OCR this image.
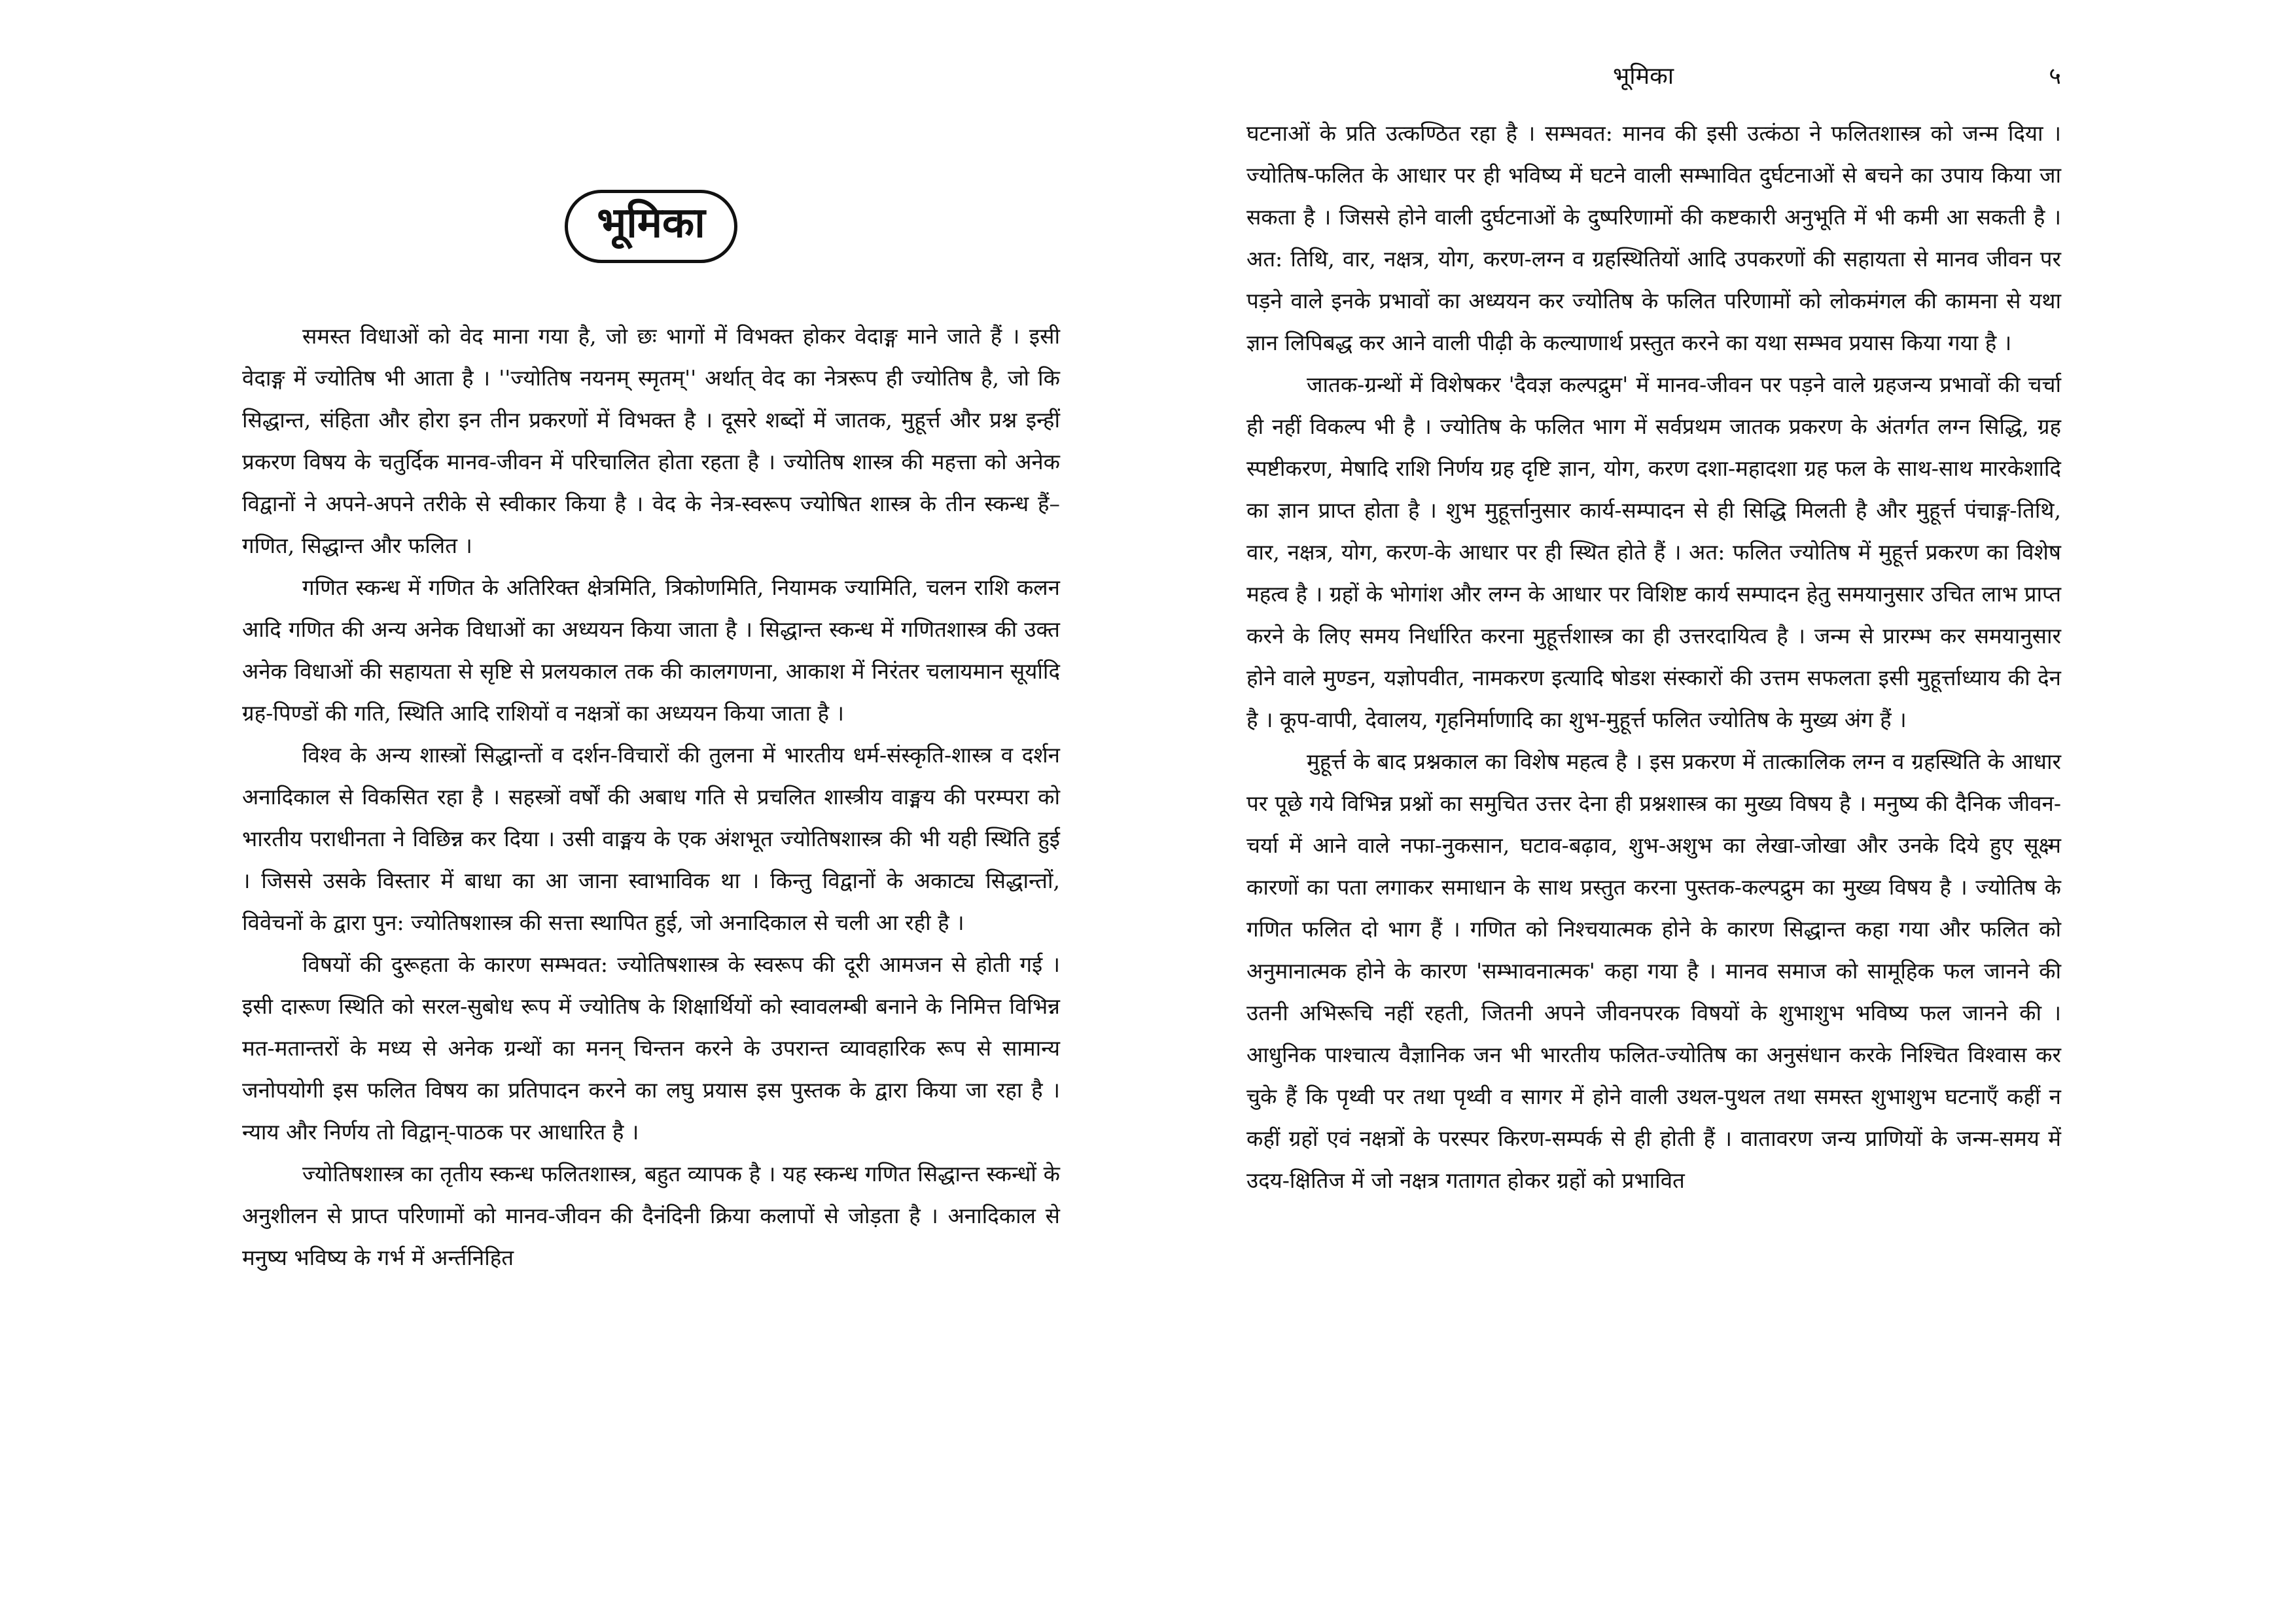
भूमिका	५
भूमिका

समस्त विधाओं को वेद माना गया है, जो छः भागों में विभक्त होकर वेदाङ्ग माने जाते हैं । इसी वेदाङ्ग में ज्योतिष भी आता है । ''ज्योतिष नयनम् स्मृतम्'' अर्थात् वेद का नेत्ररूप ही ज्योतिष है, जो कि सिद्धान्त, संहिता और होरा इन तीन प्रकरणों में विभक्त है । दूसरे शब्दों में जातक, मुहूर्त्त और प्रश्न इन्हीं प्रकरण विषय के चतुर्दिक मानव-जीवन में परिचालित होता रहता है । ज्योतिष शास्त्र की महत्ता को अनेक विद्वानों ने अपने-अपने तरीके से स्वीकार किया है । वेद के नेत्र-स्वरूप ज्योषित शास्त्र के तीन स्कन्ध हैं– गणित, सिद्धान्त और फलित ।

गणित स्कन्ध में गणित के अतिरिक्त क्षेत्रमिति, त्रिकोणमिति, नियामक ज्यामिति, चलन राशि कलन आदि गणित की अन्य अनेक विधाओं का अध्ययन किया जाता है । सिद्धान्त स्कन्ध में गणितशास्त्र की उक्त अनेक विधाओं की सहायता से सृष्टि से प्रलयकाल तक की कालगणना, आकाश में निरंतर चलायमान सूर्यादि ग्रह-पिण्डों की गति, स्थिति आदि राशियों व नक्षत्रों का अध्ययन किया जाता है ।

विश्व के अन्य शास्त्रों सिद्धान्तों व दर्शन-विचारों की तुलना में भारतीय धर्म-संस्कृति-शास्त्र व दर्शन अनादिकाल से विकसित रहा है । सहस्त्रों वर्षों की अबाध गति से प्रचलित शास्त्रीय वाङ्मय की परम्परा को भारतीय पराधीनता ने विछिन्न कर दिया । उसी वाङ्मय के एक अंशभूत ज्योतिषशास्त्र की भी यही स्थिति हुई । जिससे उसके विस्तार में बाधा का आ जाना स्वाभाविक था । किन्तु विद्वानों के अकाट्य सिद्धान्तों, विवेचनों के द्वारा पुन: ज्योतिषशास्त्र की सत्ता स्थापित हुई, जो अनादिकाल से चली आ रही है ।

विषयों की दुरूहता के कारण सम्भवत: ज्योतिषशास्त्र के स्वरूप की दूरी आमजन से होती गई । इसी दारूण स्थिति को सरल-सुबोध रूप में ज्योतिष के शिक्षार्थियों को स्वावलम्बी बनाने के निमित्त विभिन्न मत-मतान्तरों के मध्य से अनेक ग्रन्थों का मनन् चिन्तन करने के उपरान्त व्यावहारिक रूप से सामान्य जनोपयोगी इस फलित विषय का प्रतिपादन करने का लघु प्रयास इस पुस्तक के द्वारा किया जा रहा है । न्याय और निर्णय तो विद्वान्-पाठक पर आधारित है ।

ज्योतिषशास्त्र का तृतीय स्कन्ध फलितशास्त्र, बहुत व्यापक है । यह स्कन्ध गणित सिद्धान्त स्कन्धों के अनुशीलन से प्राप्त परिणामों को मानव-जीवन की दैनंदिनी क्रिया कलापों से जोड़ता है । अनादिकाल से मनुष्य भविष्य के गर्भ में अर्न्तनिहित

घटनाओं के प्रति उत्कण्ठित रहा है । सम्भवत: मानव की इसी उत्कंठा ने फलितशास्त्र को जन्म दिया । ज्योतिष-फलित के आधार पर ही भविष्य में घटने वाली सम्भावित दुर्घटनाओं से बचने का उपाय किया जा सकता है । जिससे होने वाली दुर्घटनाओं के दुष्परिणामों की कष्टकारी अनुभूति में भी कमी आ सकती है । अत: तिथि, वार, नक्षत्र, योग, करण-लग्न व ग्रहस्थितियों आदि उपकरणों की सहायता से मानव जीवन पर पड़ने वाले इनके प्रभावों का अध्ययन कर ज्योतिष के फलित परिणामों को लोकमंगल की कामना से यथा ज्ञान लिपिबद्ध कर आने वाली पीढ़ी के कल्याणार्थ प्रस्तुत करने का यथा सम्भव प्रयास किया गया है ।

जातक-ग्रन्थों में विशेषकर 'दैवज्ञ कल्पद्रुम' में मानव-जीवन पर पड़ने वाले ग्रहजन्य प्रभावों की चर्चा ही नहीं विकल्प भी है । ज्योतिष के फलित भाग में सर्वप्रथम जातक प्रकरण के अंतर्गत लग्न सिद्धि, ग्रह स्पष्टीकरण, मेषादि राशि निर्णय ग्रह दृष्टि ज्ञान, योग, करण दशा-महादशा ग्रह फल के साथ-साथ मारकेशादि का ज्ञान प्राप्त होता है । शुभ मुहूर्त्तानुसार कार्य-सम्पादन से ही सिद्धि मिलती है और मुहूर्त्त पंचाङ्ग-तिथि, वार, नक्षत्र, योग, करण-के आधार पर ही स्थित होते हैं । अत: फलित ज्योतिष में मुहूर्त्त प्रकरण का विशेष महत्व है । ग्रहों के भोगांश और लग्न के आधार पर विशिष्ट कार्य सम्पादन हेतु समयानुसार उचित लाभ प्राप्त करने के लिए समय निर्धारित करना मुहूर्त्तशास्त्र का ही उत्तरदायित्व है । जन्म से प्रारम्भ कर समयानुसार होने वाले मुण्डन, यज्ञोपवीत, नामकरण इत्यादि षोडश संस्कारों की उत्तम सफलता इसी मुहूर्त्ताध्याय की देन है । कूप-वापी, देवालय, गृहनिर्माणादि का शुभ-मुहूर्त्त फलित ज्योतिष के मुख्य अंग हैं ।

मुहूर्त्त के बाद प्रश्नकाल का विशेष महत्व है । इस प्रकरण में तात्कालिक लग्न व ग्रहस्थिति के आधार पर पूछे गये विभिन्न प्रश्नों का समुचित उत्तर देना ही प्रश्नशास्त्र का मुख्य विषय है । मनुष्य की दैनिक जीवन-चर्या में आने वाले नफा-नुकसान, घटाव-बढ़ाव, शुभ-अशुभ का लेखा-जोखा और उनके दिये हुए सूक्ष्म कारणों का पता लगाकर समाधान के साथ प्रस्तुत करना पुस्तक-कल्पद्रुम का मुख्य विषय है । ज्योतिष के गणित फलित दो भाग हैं । गणित को निश्चयात्मक होने के कारण सिद्धान्त कहा गया और फलित को अनुमानात्मक होने के कारण 'सम्भावनात्मक' कहा गया है । मानव समाज को सामूहिक फल जानने की उतनी अभिरूचि नहीं रहती, जितनी अपने जीवनपरक विषयों के शुभाशुभ भविष्य फल जानने की । आधुनिक पाश्चात्य वैज्ञानिक जन भी भारतीय फलित-ज्योतिष का अनुसंधान करके निश्चित विश्वास कर चुके हैं कि पृथ्वी पर तथा पृथ्वी व सागर में होने वाली उथल-पुथल तथा समस्त शुभाशुभ घटनाएँ कहीं न कहीं ग्रहों एवं नक्षत्रों के परस्पर किरण-सम्पर्क से ही होती हैं । वातावरण जन्य प्राणियों के जन्म-समय में उदय-क्षितिज में जो नक्षत्र गतागत होकर ग्रहों को प्रभावित
